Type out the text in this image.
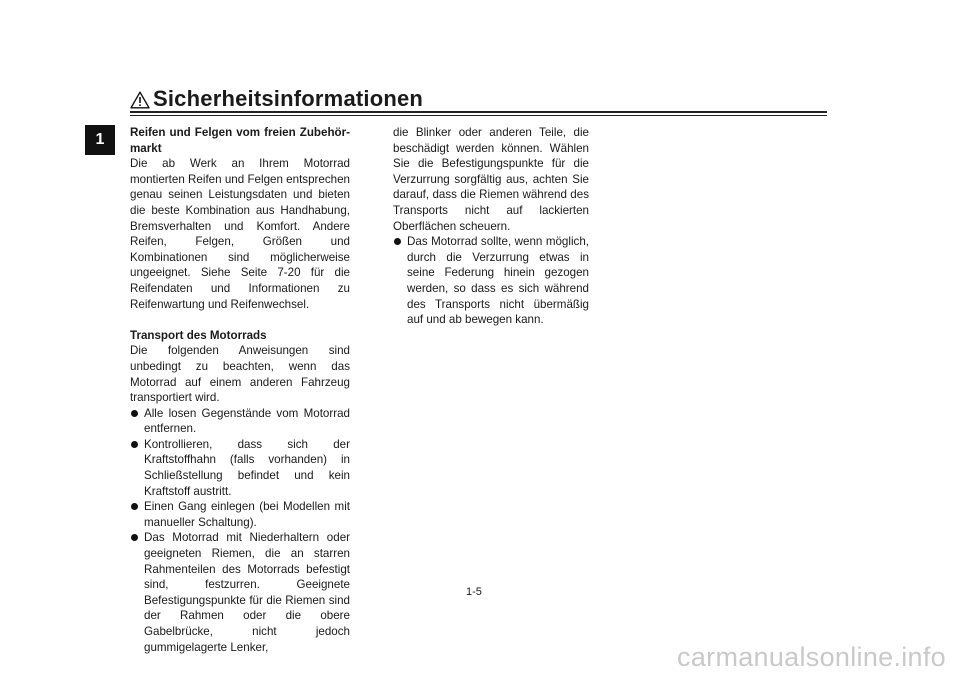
1
Sicherheitsinformationen

Reifen und Felgen vom freien Zubehör-markt

Die ab Werk an Ihrem Motorrad montierten Reifen und Felgen entsprechen genau seinen Leistungsdaten und bieten die beste Kombination aus Handhabung, Bremsverhalten und Komfort. Andere Reifen, Felgen, Größen und Kombinationen sind möglicherweise ungeeignet. Siehe Seite 7-20 für die Reifendaten und Informationen zu Reifenwartung und Reifenwechsel.

Transport des Motorrads

Die folgenden Anweisungen sind unbedingt zu beachten, wenn das Motorrad auf einem anderen Fahrzeug transportiert wird.

Alle losen Gegenstände vom Motorrad entfernen.
Kontrollieren, dass sich der Kraftstoffhahn (falls vorhanden) in Schließstellung befindet und kein Kraftstoff austritt.
Einen Gang einlegen (bei Modellen mit manueller Schaltung).
Das Motorrad mit Niederhaltern oder geeigneten Riemen, die an starren Rahmenteilen des Motorrads befestigt sind, festzurren. Geeignete Befestigungspunkte für die Riemen sind der Rahmen oder die obere Gabelbrücke, nicht jedoch gummigelagerte Lenker,

die Blinker oder anderen Teile, die beschädigt werden können. Wählen Sie die Befestigungspunkte für die Verzurrung sorgfältig aus, achten Sie darauf, dass die Riemen während des Transports nicht auf lackierten Oberflächen scheuern.

Das Motorrad sollte, wenn möglich, durch die Verzurrung etwas in seine Federung hinein gezogen werden, so dass es sich während des Transports nicht übermäßig auf und ab bewegen kann.
1-5
carmanualsonline.info
